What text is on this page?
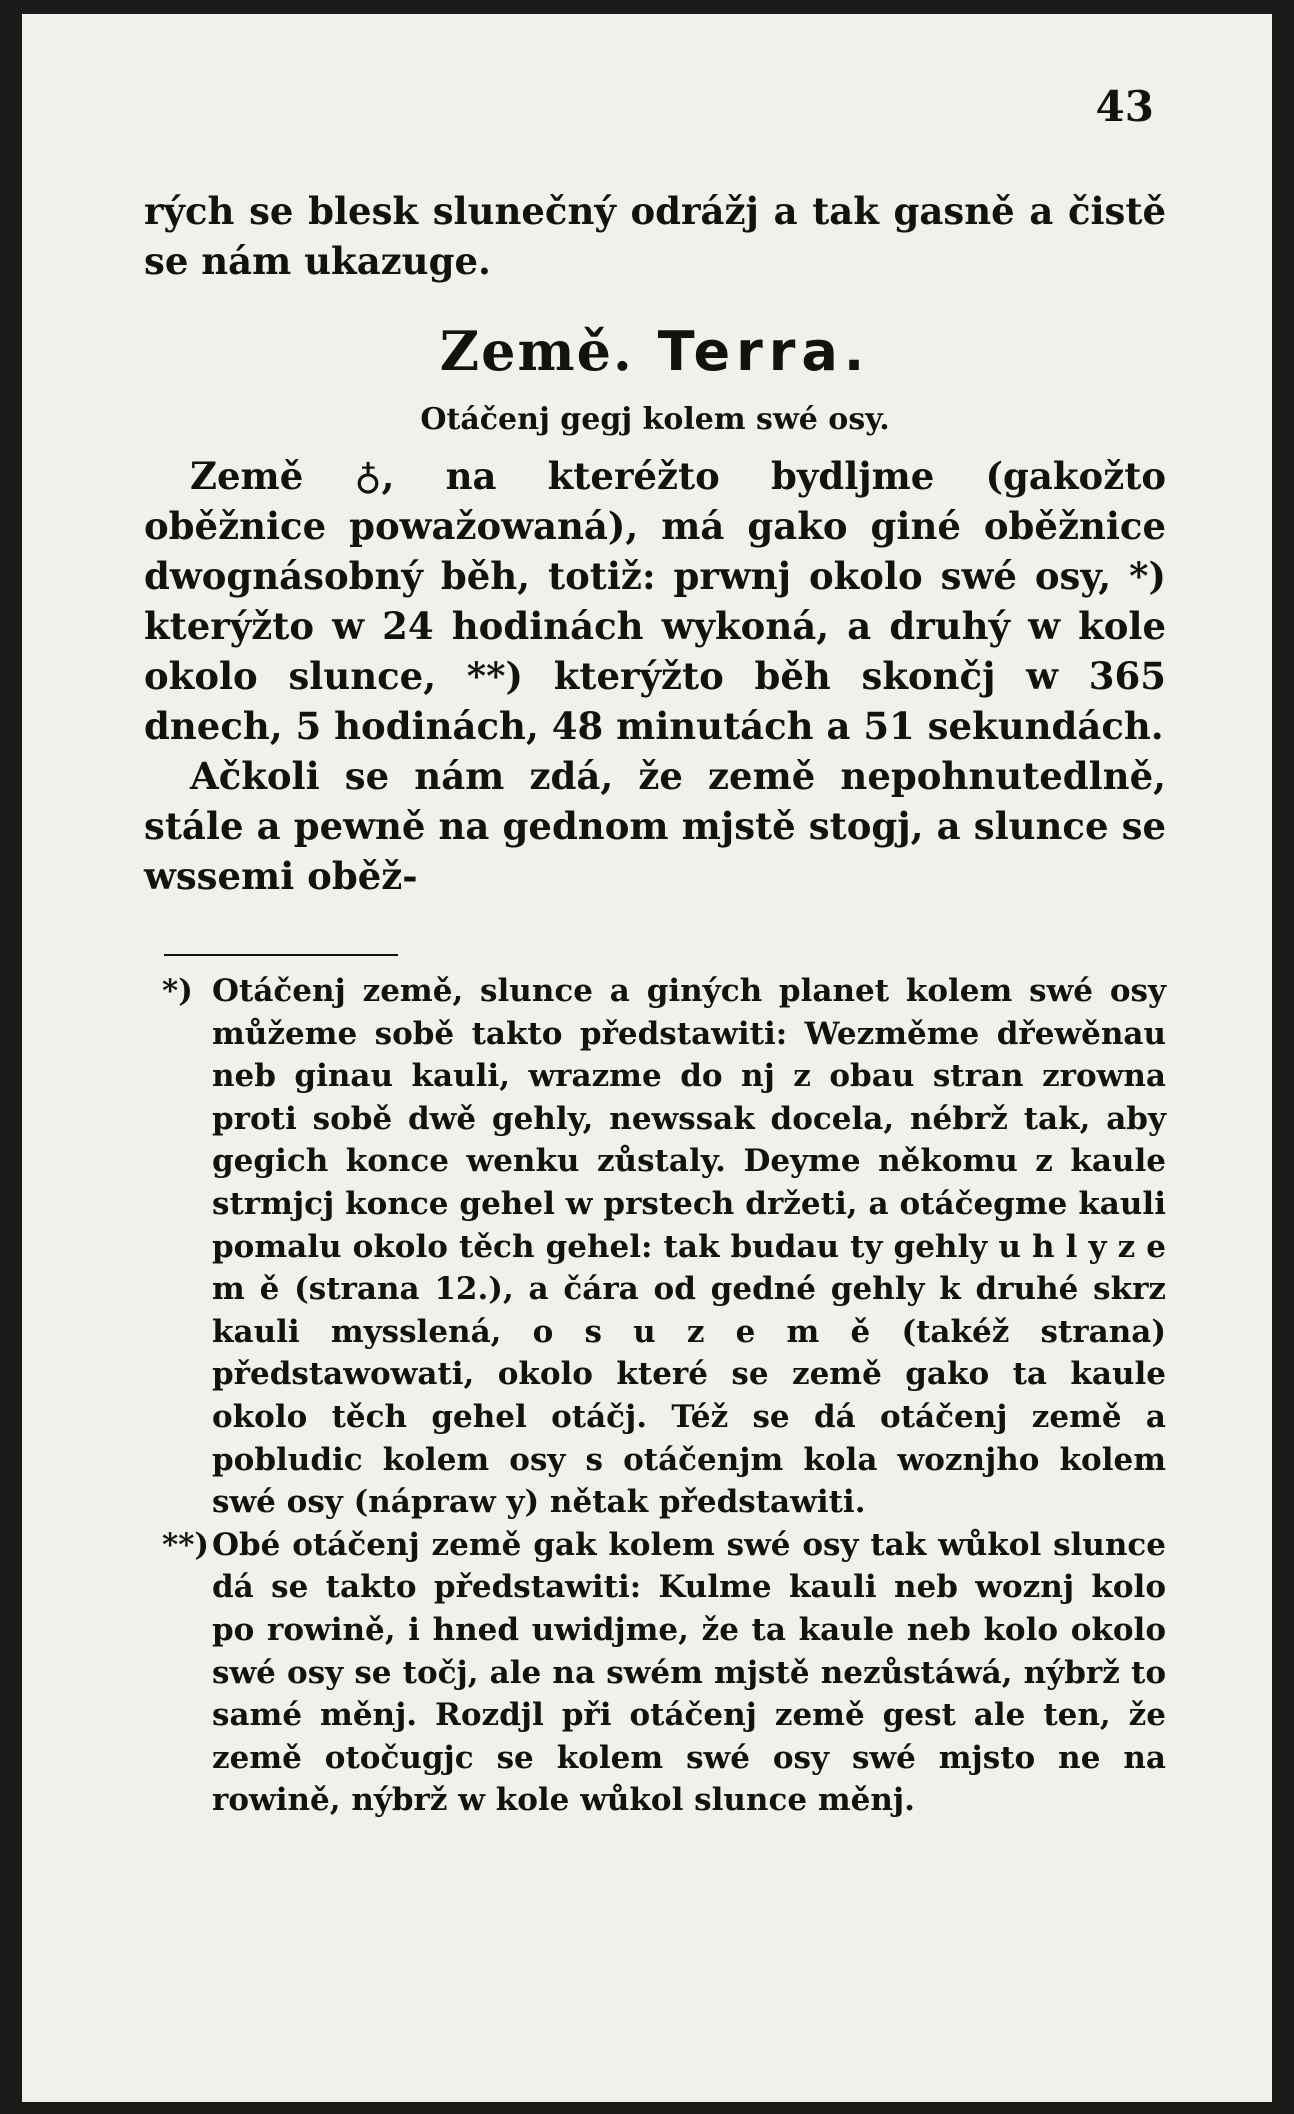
43

rých se blesk slunečný odrážj a tak gasně a čistě se nám ukazuge.

Země. Terra.

Otáčenj gegj kolem swé osy.

Země ♁, na kteréžto bydljme (gakožto oběžnice powažowaná), má gako giné oběžnice dwognásobný běh, totiž: prwnj okolo swé osy, *) kterýžto w 24 hodinách wykoná, a druhý w kole okolo slunce, **) kterýžto běh skončj w 365 dnech, 5 hodinách, 48 minutách a 51 sekundách.

Ačkoli se nám zdá, že země nepohnutedlně, stále a pewně na gednom mjstě stogj, a slunce se wssemi oběž-

*) Otáčenj země, slunce a giných planet kolem swé osy můžeme sobě takto předstawiti: Wezměme dřewěnau neb ginau kauli, wrazme do nj z obau stran zrowna proti sobě dwě gehly, newssak docela, nébrž tak, aby gegich konce wenku zůstaly. Deyme někomu z kaule strmjcj konce gehel w prstech držeti, a otáčegme kauli pomalu okolo těch gehel: tak budau ty gehly u h l y z e m ě (strana 12.), a čára od gedné gehly k druhé skrz kauli mysslená, o s u z e m ě (takéž strana) předstawowati, okolo které se země gako ta kaule okolo těch gehel otáčj. Též se dá otáčenj země a pobludic kolem osy s otáčenjm kola woznjho kolem swé osy (nápraw y) nětak předstawiti.

**)Obé otáčenj země gak kolem swé osy tak wůkol slunce dá se takto předstawiti: Kulme kauli neb woznj kolo po rowině, i hned uwidjme, že ta kaule neb kolo okolo swé osy se točj, ale na swém mjstě nezůstáwá, nýbrž to samé měnj. Rozdjl při otáčenj země gest ale ten, že země otočugjc se kolem swé osy swé mjsto ne na rowině, nýbrž w kole wůkol slunce měnj.
